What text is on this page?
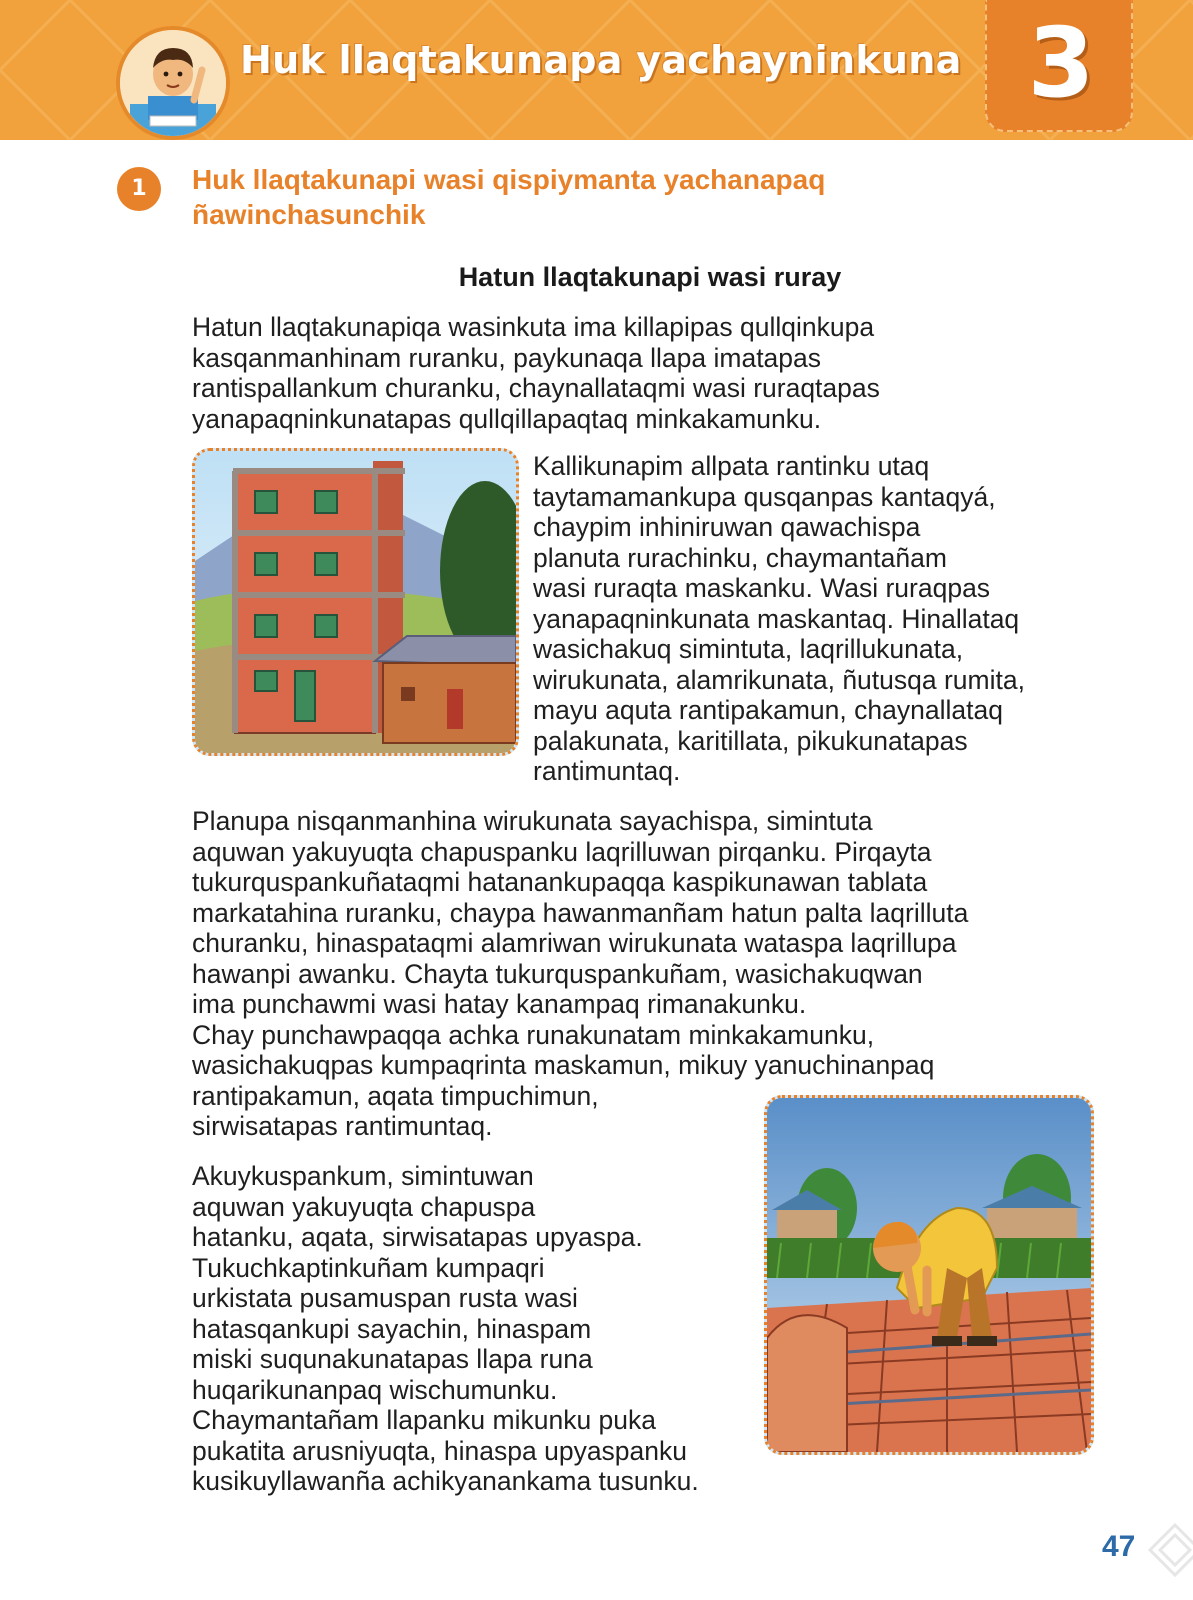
Huk llaqtakunapa yachayninkuna 3
1	Huk llaqtakunapi wasi qispiymanta yachanapaq
ñawinchasunchik
Hatun llaqtakunapi wasi ruray

Hatun llaqtakunapiqa wasinkuta ima killapipas qullqinkupa
kasqanmanhinam ruranku, paykunaqa llapa imatapas
rantispallankum churanku, chaynallataqmi wasi ruraqtapas
yanapaqninkunatapas qullqillapaqtaq minkakamunku.

Kallikunapim allpata rantinku utaq
taytamamankupa qusqanpas kantaqyá,
chaypim inhiniruwan qawachispa
planuta rurachinku, chaymantañam
wasi ruraqta maskanku. Wasi ruraqpas
yanapaqninkunata maskantaq. Hinallataq
wasichakuq simintuta, laqrillukunata,
wirukunata, alamrikunata, ñutusqa rumita,
mayu aquta rantipakamun, chaynallataq
palakunata, karitillata, pikukunatapas
rantimuntaq.

Planupa nisqanmanhina wirukunata sayachispa, simintuta
aquwan yakuyuqta chapuspanku laqrilluwan pirqanku. Pirqayta
tukurquspankuñataqmi hatanankupaqqa kaspikunawan tablata
markatahina ruranku, chaypa hawanmanñam hatun palta laqrilluta
churanku, hinaspataqmi alamriwan wirukunata wataspa laqrillupa
hawanpi awanku. Chayta tukurquspankuñam, wasichakuqwan
ima punchawmi wasi hatay kanampaq rimanakunku.
Chay punchawpaqqa achka runakunatam minkakamunku,
wasichakuqpas kumpaqrinta maskamun, mikuy yanuchinanpaq
rantipakamun, aqata timpuchimun,
sirwisatapas rantimuntaq.

Akuykuspankum, simintuwan
aquwan yakuyuqta chapuspa
hatanku, aqata, sirwisatapas upyaspa.
Tukuchkaptinkuñam kumpaqri
urkistata pusamuspan rusta wasi
hatasqankupi sayachin, hinaspam
miski suqunakunatapas llapa runa
huqarikunanpaq wischumunku.
Chaymantañam llapanku mikunku puka
pukatita arusniyuqta, hinaspa upyaspanku
kusikuyllawanña achikyanankama tusunku.

47
